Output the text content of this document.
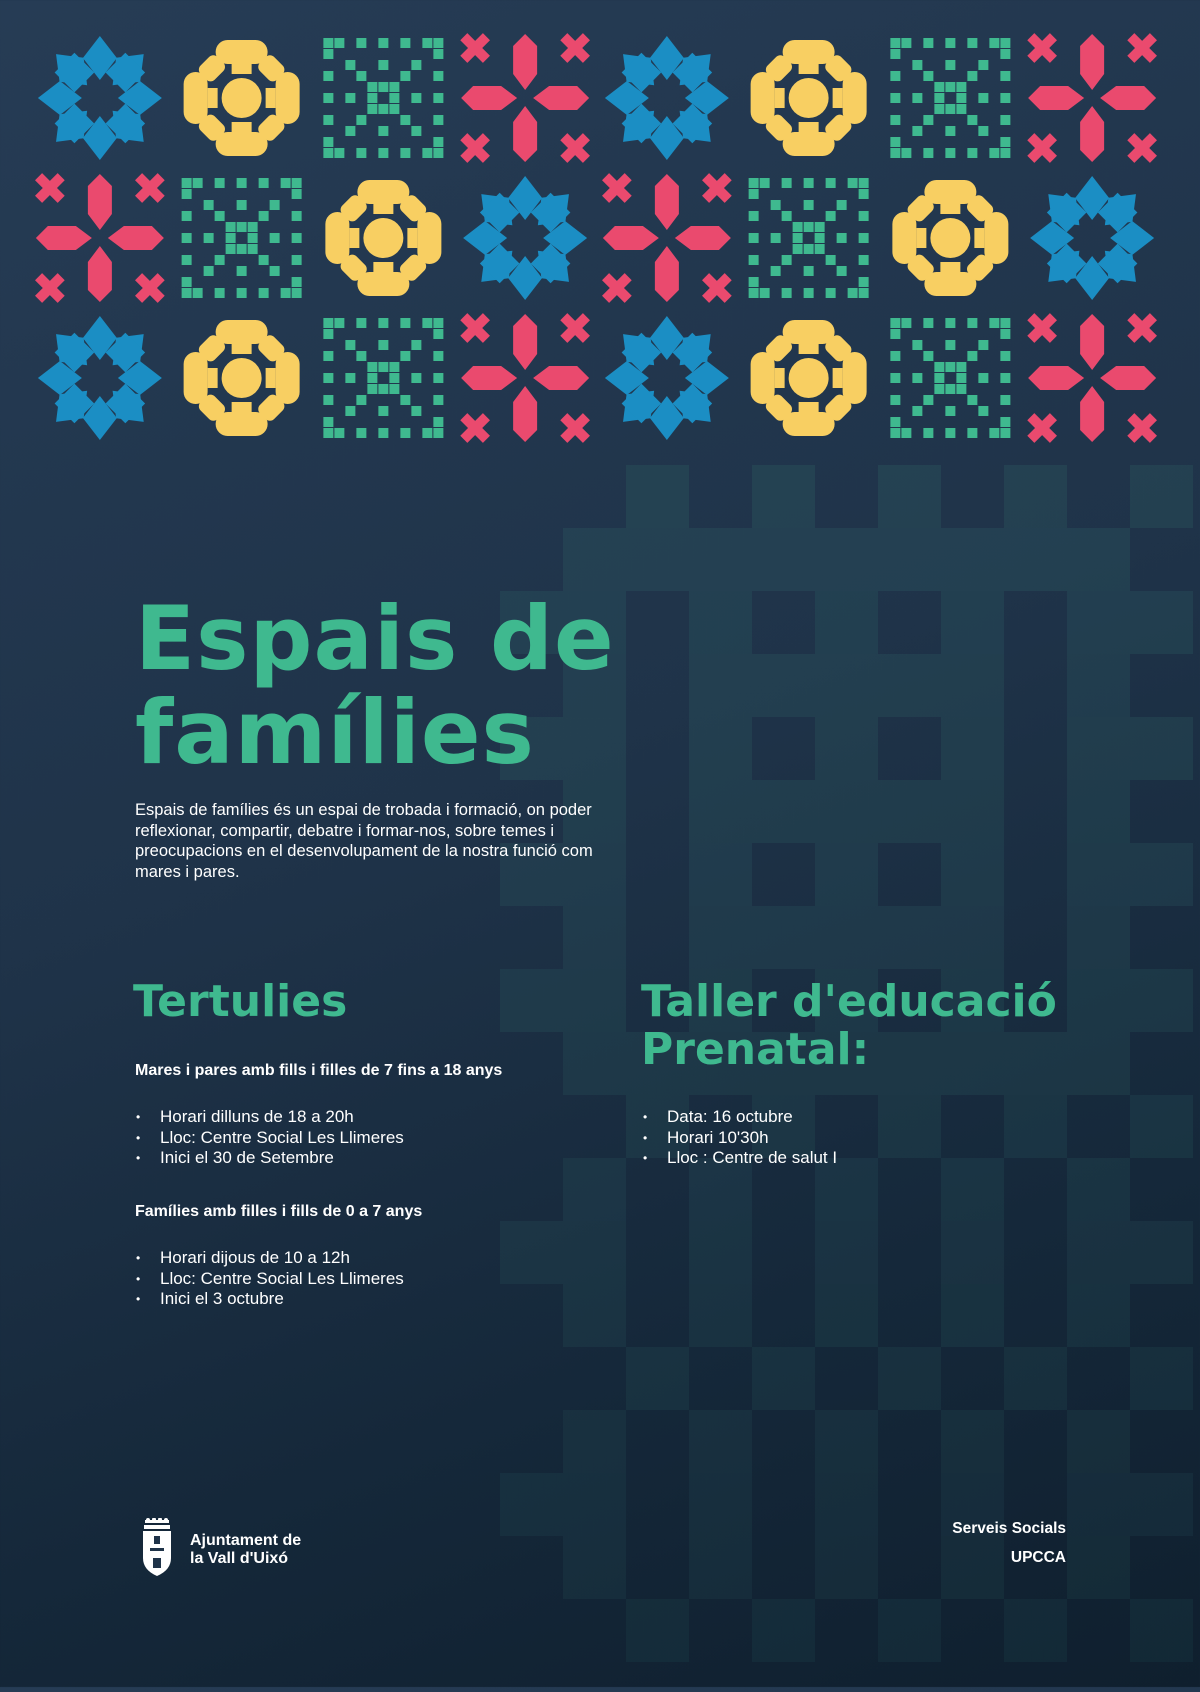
Espais de
famílies

Espais de famílies és un espai de trobada i formació, on poder reflexionar, compartir, debatre i formar-nos, sobre temes i preocupacions en el desenvolupament de la nostra funció com mares i pares.

Tertulies

Mares i pares amb fills i filles de 7 fins a 18 anys

• Horari dilluns de 18 a 20h
• Lloc: Centre Social Les Llimeres
• Inici el 30 de Setembre

Famílies amb filles i fills de 0 a 7 anys

• Horari dijous de 10 a 12h
• Lloc: Centre Social Les Llimeres
• Inici el 3 octubre
Taller d'educació
Prenatal:
• Data: 16 octubre
• Horari 10'30h
• Lloc : Centre de salut I
Ajuntament de
la Vall d'Uixó
Serveis Socials
UPCCA
